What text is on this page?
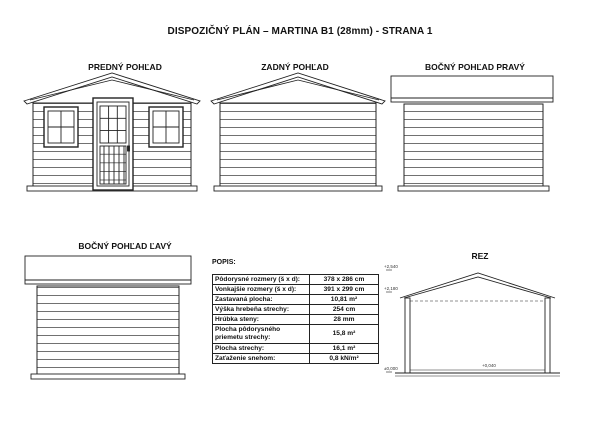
DISPOZIČNÝ PLÁN – MARTINA B1 (28mm) - STRANA 1
PREDNÝ POHĽAD	ZADNÝ POHĽAD	BOČNÝ POHĽAD PRAVÝ
BOČNÝ POHĽAD ĽAVÝ
REZ
+2,540
+2,180
±0,000
+0,040
POPIS:
Pôdorysné rozmery (š x d):	378 x 286 cm
Vonkajšie rozmery (š x d):	391 x 299 cm
Zastavaná plocha:	10,81 m²
Výška hrebeňa strechy:	254 cm
Hrúbka steny:	28 mm
Plocha pôdorysného priemetu strechy:	15,8 m²
Plocha strechy:	16,1 m²
Zaťaženie snehom:	0,8 kN/m²
